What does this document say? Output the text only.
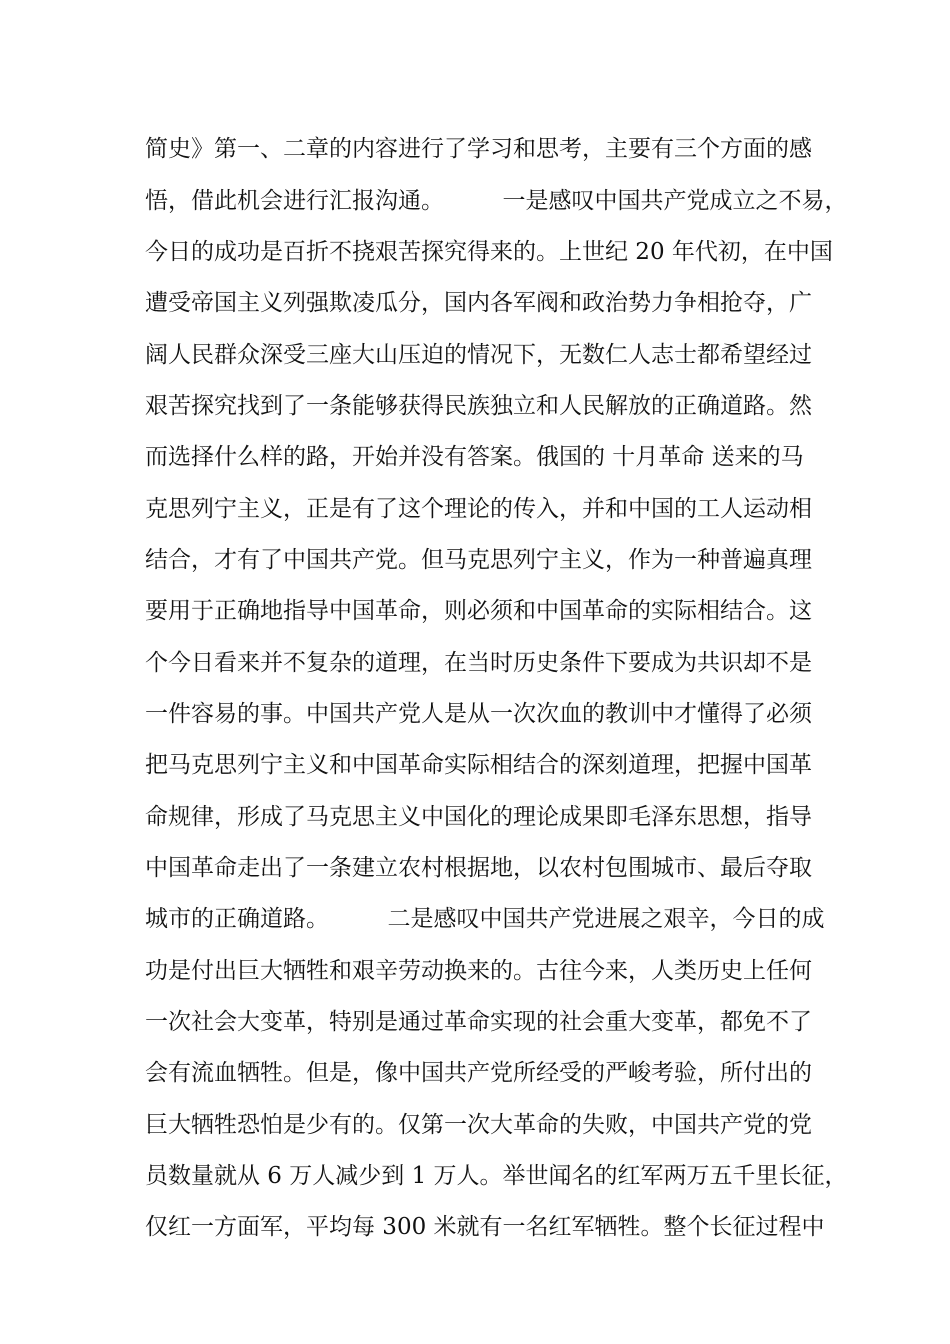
简史》第一、二章的内容进行了学习和思考，主要有三个方面的感
悟，借此机会进行汇报沟通。        一是感叹中国共产党成立之不易，
今日的成功是百折不挠艰苦探究得来的。上世纪 20 年代初，在中国
遭受帝国主义列强欺凌瓜分，国内各军阀和政治势力争相抢夺，广
阔人民群众深受三座大山压迫的情况下，无数仁人志士都希望经过
艰苦探究找到了一条能够获得民族独立和人民解放的正确道路。然
而选择什么样的路，开始并没有答案。俄国的 十月革命 送来的马
克思列宁主义，正是有了这个理论的传入，并和中国的工人运动相
结合，才有了中国共产党。但马克思列宁主义，作为一种普遍真理
要用于正确地指导中国革命，则必须和中国革命的实际相结合。这
个今日看来并不复杂的道理，在当时历史条件下要成为共识却不是
一件容易的事。中国共产党人是从一次次血的教训中才懂得了必须
把马克思列宁主义和中国革命实际相结合的深刻道理，把握中国革
命规律，形成了马克思主义中国化的理论成果即毛泽东思想，指导
中国革命走出了一条建立农村根据地，以农村包围城市、最后夺取
城市的正确道路。        二是感叹中国共产党进展之艰辛，今日的成
功是付出巨大牺牲和艰辛劳动换来的。古往今来，人类历史上任何
一次社会大变革，特别是通过革命实现的社会重大变革，都免不了
会有流血牺牲。但是，像中国共产党所经受的严峻考验，所付出的
巨大牺牲恐怕是少有的。仅第一次大革命的失败，中国共产党的党
员数量就从 6 万人减少到 1 万人。举世闻名的红军两万五千里长征，
仅红一方面军，平均每 300 米就有一名红军牺牲。整个长征过程中
